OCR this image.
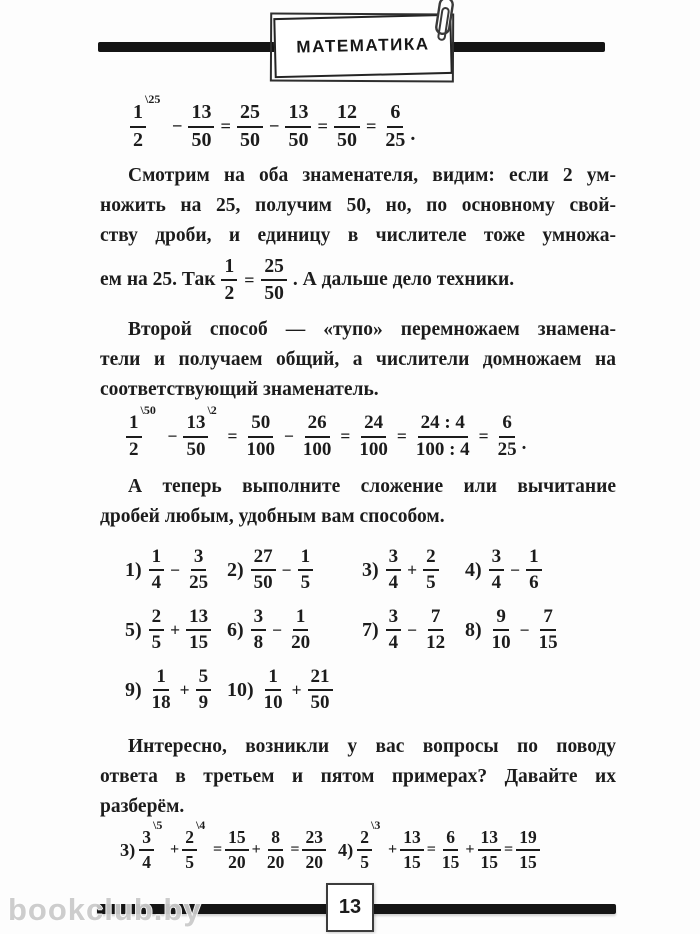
МАТЕМАТИКА
1
2
\25
− $\frac{13}{50} = \frac{25}{50} - \frac{13}{50} = \frac{12}{50} = \frac{6}{25}$ .
Смотрим на оба знаменателя, видим: если 2 ум-
ножить на 25, получим 50, но, по основному свой-
ству дроби, и единицу в числителе тоже умножа-
ем на 25. Так $\frac{1}{2} = \frac{25}{50}$ . А дальше дело техники.
Второй способ — «тупо» перемножаем знамена-
тели и получаем общий, а числители домножаем на
соответствующий знаменатель.
1
2
\50
−
13
50
\2
= $\frac{50}{100} - \frac{26}{100} = \frac{24}{100} = \frac{24 : 4}{100 : 4} = \frac{6}{25}$ .
А теперь выполните сложение или вычитание
дробей любым, удобным вам способом.
$1) \frac{1}{4} - \frac{3}{25} 2) \frac{27}{50} - \frac{1}{5} 3) \frac{3}{4} + \frac{2}{5} 4) \frac{3}{4} - \frac{1}{6}$
$5) \frac{2}{5} + \frac{13}{15} 6) \frac{3}{8} - \frac{1}{20} 7) \frac{3}{4} - \frac{7}{12} 8) \frac{9}{10} - \frac{7}{15}$
$9) \frac{1}{18} + \frac{5}{9} 10) \frac{1}{10} + \frac{21}{50}$
Интересно, возникли у вас вопросы по поводу
ответа в третьем и пятом примерах? Давайте их
разберём.
3)
3
4
\5
+
2
5
\4
= $\frac{15}{20} + \frac{8}{20} = \frac{23}{20} 4$)
2
5
\3
+ $\frac{13}{15} = \frac{6}{15} + \frac{13}{15} = \frac{19}{15}$
13
bookclub.by
